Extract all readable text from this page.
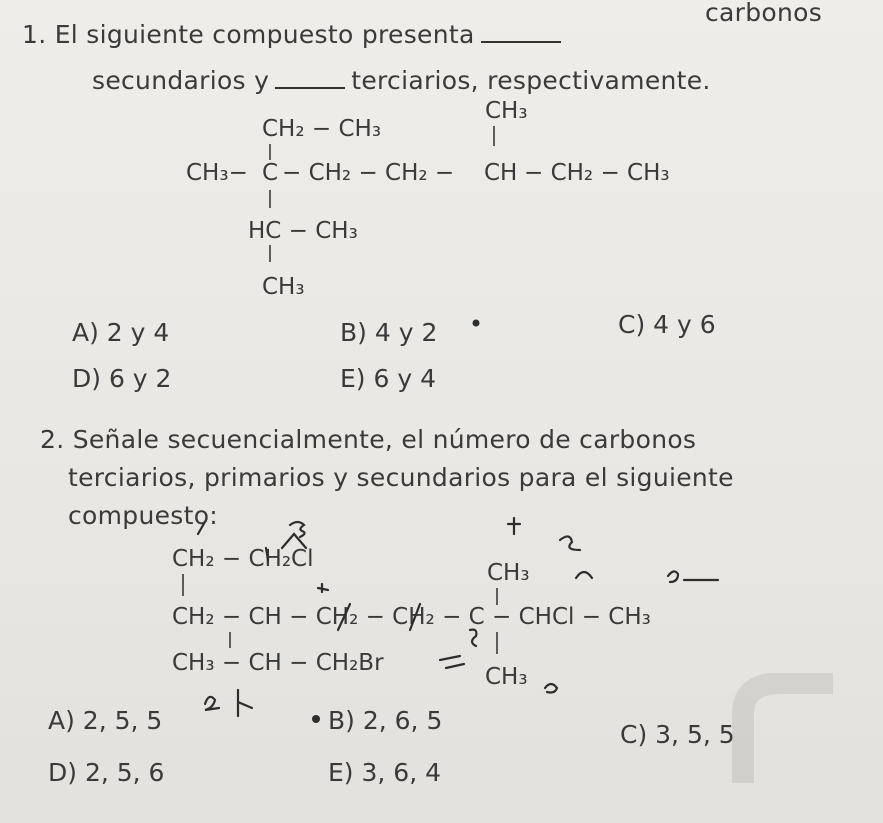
1. El siguiente compuesto presenta
carbonos
secundarios y	terciarios, respectivamente.
CH₂ − CH₃
CH₃
CH₃− C − CH₂ − CH₂ − CH − CH₂ − CH₃
HC − CH₃
CH₃
CH₂ − CH₂Cl
CH₃
CH₂ − CH − CH₂ − CH₂ − C − CHCl − CH₃
CH₃ − CH − CH₂Br
CH₃
A) 2 y 4	B) 4 y 2	C) 4 y 6
D) 6 y 2	E) 6 y 4
2. Señale secuencialmente, el número de carbonos
terciarios, primarios y secundarios para el siguiente
compuesto:
A) 2, 5, 5	B) 2, 6, 5	C) 3, 5, 5
D) 2, 5, 6	E) 3, 6, 4
